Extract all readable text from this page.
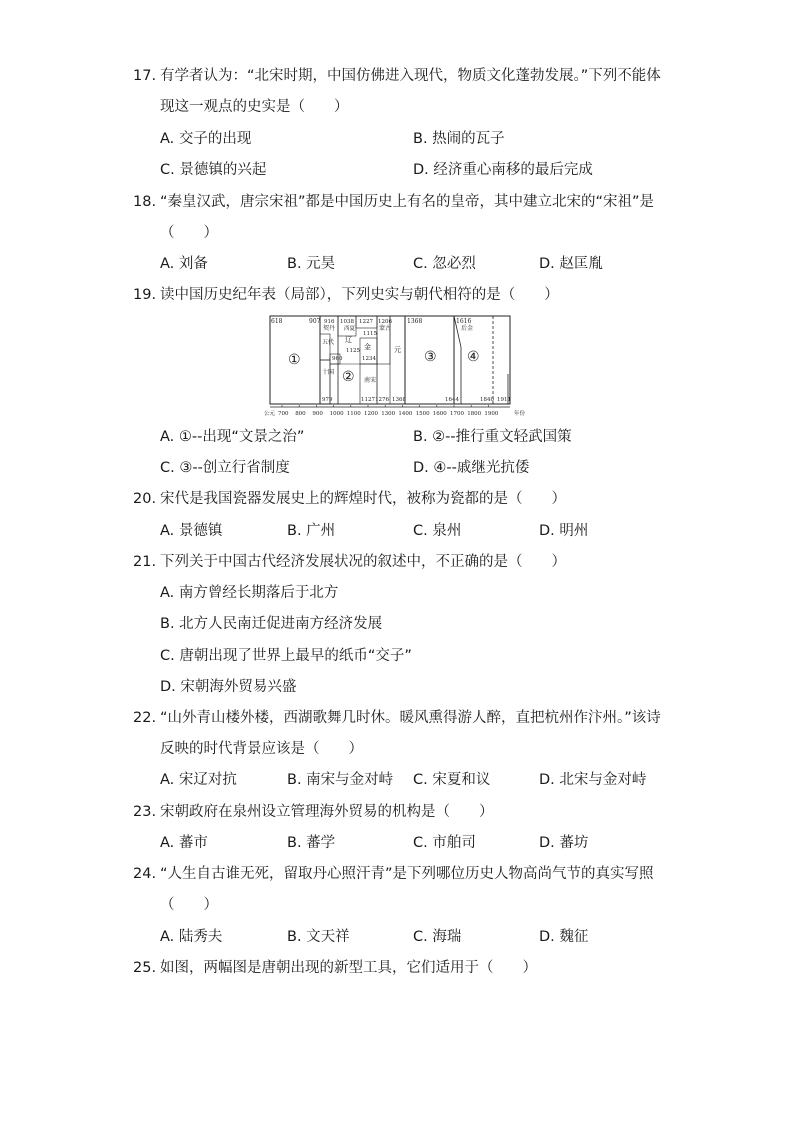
17. 有学者认为：“北宋时期，中国仿佛进入现代，物质文化蓬勃发展。”下列不能体
现这一观点的史实是（　　）
A. 交子的出现	B. 热闹的瓦子
C. 景德镇的兴起	D. 经济重心南移的最后完成
18. “秦皇汉武，唐宗宋祖”都是中国历史上有名的皇帝，其中建立北宋的“宋祖”是
（　　）
A. 刘备	B. 元昊	C. 忽必烈	D. 赵匡胤
19. 读中国历史纪年表（局部），下列史实与朝代相符的是（　　）
618	907 916 1038 1227 1206	1368	1616
契丹 西夏	蒙古
辽
五代
1115
金
1125	元
960	1234
十国
南宋
后金
①
②
③ ④
979	1127 1276 1368	1644	1840 1911
公元 700 800 900 1000 1100 1200 1300 1400 1500 1600 1700 1800 1900	年份
A. ①--出现“文景之治”	B. ②--推行重文轻武国策
C. ③--创立行省制度	D. ④--戚继光抗倭
20. 宋代是我国瓷器发展史上的辉煌时代，被称为瓷都的是（　　）
A. 景德镇	B. 广州	C. 泉州	D. 明州
21. 下列关于中国古代经济发展状况的叙述中，不正确的是（　　）
A. 南方曾经长期落后于北方
B. 北方人民南迁促进南方经济发展
C. 唐朝出现了世界上最早的纸币“交子”
D. 宋朝海外贸易兴盛
22. “山外青山楼外楼，西湖歌舞几时休。暖风熏得游人醉，直把杭州作汴州。”该诗
反映的时代背景应该是（　　）
A. 宋辽对抗	B. 南宋与金对峙 C. 宋夏和议	D. 北宋与金对峙
23. 宋朝政府在泉州设立管理海外贸易的机构是（　　）
A. 蕃市	B. 蕃学	C. 市舶司	D. 蕃坊
24. “人生自古谁无死，留取丹心照汗青”是下列哪位历史人物高尚气节的真实写照
（　　）
A. 陆秀夫	B. 文天祥	C. 海瑞	D. 魏征
25. 如图，两幅图是唐朝出现的新型工具，它们适用于（　　）
